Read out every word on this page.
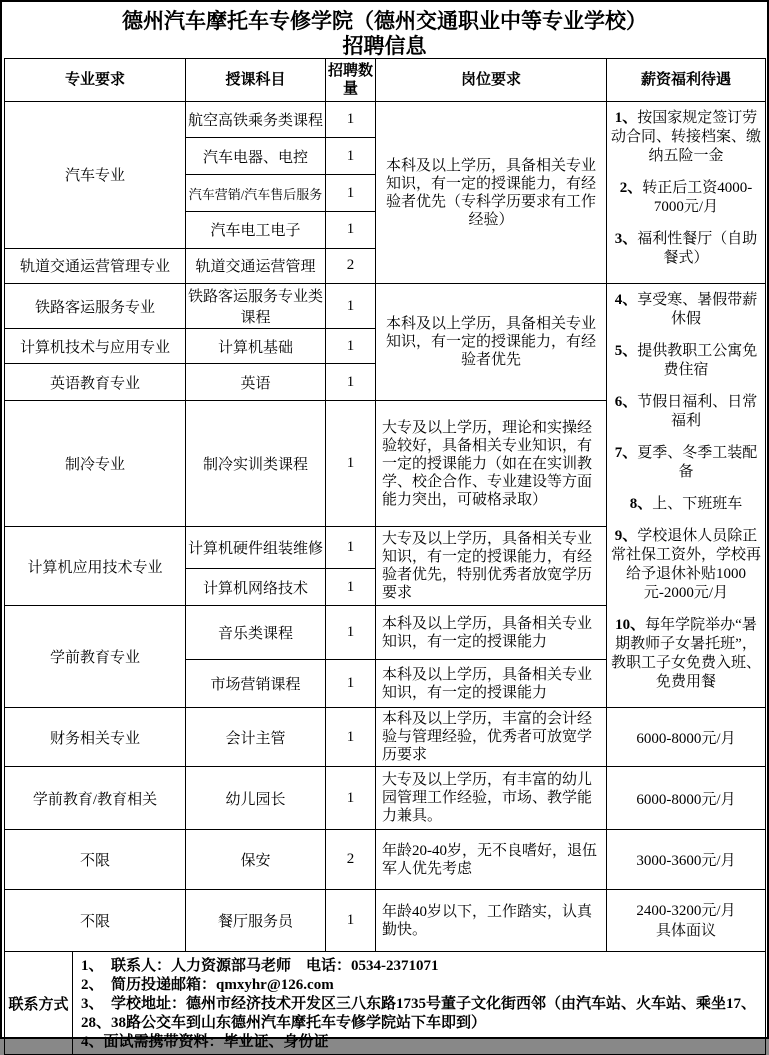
德州汽车摩托车专修学院（德州交通职业中等专业学校）
招聘信息
专业要求	授课科目	招聘数量	岗位要求	薪资福利待遇
汽车专业	航空高铁乘务类课程	1	本科及以上学历，具备相关专业知识，有一定的授课能力，有经验者优先（专科学历要求有工作经验）	1、按国家规定签订劳动合同、转接档案、缴纳五险一金

2、转正后工资4000-7000元/月

3、福利性餐厅（自助餐式）

	汽车电器、电控	1		
	汽车营销/汽车售后服务	1		
	汽车电工电子	1		
轨道交通运营管理专业	轨道交通运营管理	2		
铁路客运服务专业	铁路客运服务专业类课程	1	本科及以上学历，具备相关专业知识，有一定的授课能力，有经验者优先	

4、享受寒、暑假带薪休假

5、提供教职工公寓免费住宿

6、节假日福利、日常福利

7、夏季、冬季工装配备

8、上、下班班车

9、学校退休人员除正常社保工资外，学校再给予退休补贴1000元-2000元/月

10、每年学院举办“暑期教师子女暑托班”，教职工子女免费入班、免费用餐

计算机技术与应用专业	计算机基础	1		
英语教育专业	英语	1		
制冷专业	制冷实训类课程	1	大专及以上学历，理论和实操经验较好，具备相关专业知识，有一定的授课能力（如在在实训教学、校企合作、专业建设等方面能力突出，可破格录取）	
计算机应用技术专业	计算机硬件组装维修	1	大专及以上学历，具备相关专业知识，有一定的授课能力，有经验者优先，特别优秀者放宽学历要求	
	计算机网络技术	1		
学前教育专业	音乐类课程	1	本科及以上学历，具备相关专业知识，有一定的授课能力	
	市场营销课程	1	本科及以上学历，具备相关专业知识，有一定的授课能力	
财务相关专业	会计主管	1	本科及以上学历，丰富的会计经验与管理经验，优秀者可放宽学历要求	6000-8000元/月
学前教育/教育相关	幼儿园长	1	大专及以上学历，有丰富的幼儿园管理工作经验，市场、教学能力兼具。	6000-8000元/月
不限	保安	2	年龄20-40岁，无不良嗜好，退伍军人优先考虑	3000-3600元/月
不限	餐厅服务员	1	年龄40岁以下，工作踏实，认真勤快。	2400-3200元/月
具体面议
联系方式	
1、  联系人：人力资源部马老师    电话：0534-2371071
2、  简历投递邮箱：qmxyhr@126.com
3、  学校地址：德州市经济技术开发区三八东路1735号董子文化街西邻（由汽车站、火车站、乘坐17、28、38路公交车到山东德州汽车摩托车专修学院站下车即到）
4、面试需携带资料：毕业证、身份证
